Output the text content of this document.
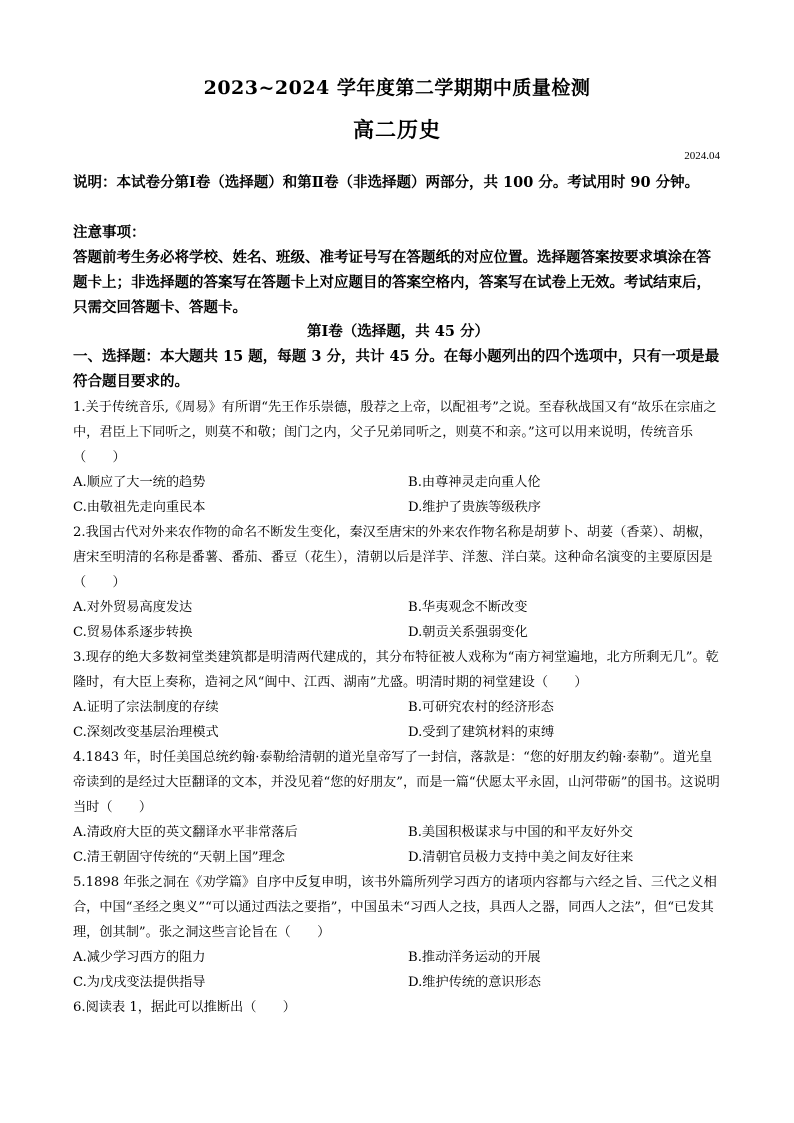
2023~2024 学年度第二学期期中质量检测
高二历史
2024.04
说明：本试卷分第Ⅰ卷（选择题）和第Ⅱ卷（非选择题）两部分，共 100 分。考试用时 90 分钟。
注意事项：
答题前考生务必将学校、姓名、班级、准考证号写在答题纸的对应位置。选择题答案按要求填涂在答题卡上；非选择题的答案写在答题卡上对应题目的答案空格内，答案写在试卷上无效。考试结束后，只需交回答题卡、答题卡。
第Ⅰ卷（选择题，共 45 分）
一、选择题：本大题共 15 题，每题 3 分，共计 45 分。在每小题列出的四个选项中，只有一项是最符合题目要求的。
1.关于传统音乐,《周易》有所谓“先王作乐崇德，殷荐之上帝，以配祖考”之说。至春秋战国又有“故乐在宗庙之中，君臣上下同听之，则莫不和敬；闺门之内，父子兄弟同听之，则莫不和亲。”这可以用来说明，传统音乐（　　）
A.顺应了大一统的趋势	B.由尊神灵走向重人伦
C.由敬祖先走向重民本	D.维护了贵族等级秩序
2.我国古代对外来农作物的命名不断发生变化，秦汉至唐宋的外来农作物名称是胡萝卜、胡荽（香菜）、胡椒，唐宋至明清的名称是番薯、番茄、番豆（花生），清朝以后是洋芋、洋葱、洋白菜。这种命名演变的主要原因是（　　）
A.对外贸易高度发达	B.华夷观念不断改变
C.贸易体系逐步转换	D.朝贡关系强弱变化
3.现存的绝大多数祠堂类建筑都是明清两代建成的，其分布特征被人戏称为“南方祠堂遍地，北方所剩无几”。乾隆时，有大臣上奏称，造祠之风“闽中、江西、湖南”尤盛。明清时期的祠堂建设（　　）
A.证明了宗法制度的存续	B.可研究农村的经济形态
C.深刻改变基层治理模式	D.受到了建筑材料的束缚
4.1843 年，时任美国总统约翰·泰勒给清朝的道光皇帝写了一封信，落款是：“您的好朋友约翰·泰勒”。道光皇帝读到的是经过大臣翻译的文本，并没见着“您的好朋友”，而是一篇“伏愿太平永固，山河带砺”的国书。这说明当时（　　）
A.清政府大臣的英文翻译水平非常落后	B.美国积极谋求与中国的和平友好外交
C.清王朝固守传统的“天朝上国”理念	D.清朝官员极力支持中美之间友好往来
5.1898 年张之洞在《劝学篇》自序中反复申明，该书外篇所列学习西方的诸项内容都与六经之旨、三代之义相合，中国“圣经之奥义”“可以通过西法之要指”，中国虽未“习西人之技，具西人之器，同西人之法”，但“已发其理，创其制”。张之洞这些言论旨在（　　）
A.减少学习西方的阻力	B.推动洋务运动的开展
C.为戊戌变法提供指导	D.维护传统的意识形态
6.阅读表 1，据此可以推断出（　　）
